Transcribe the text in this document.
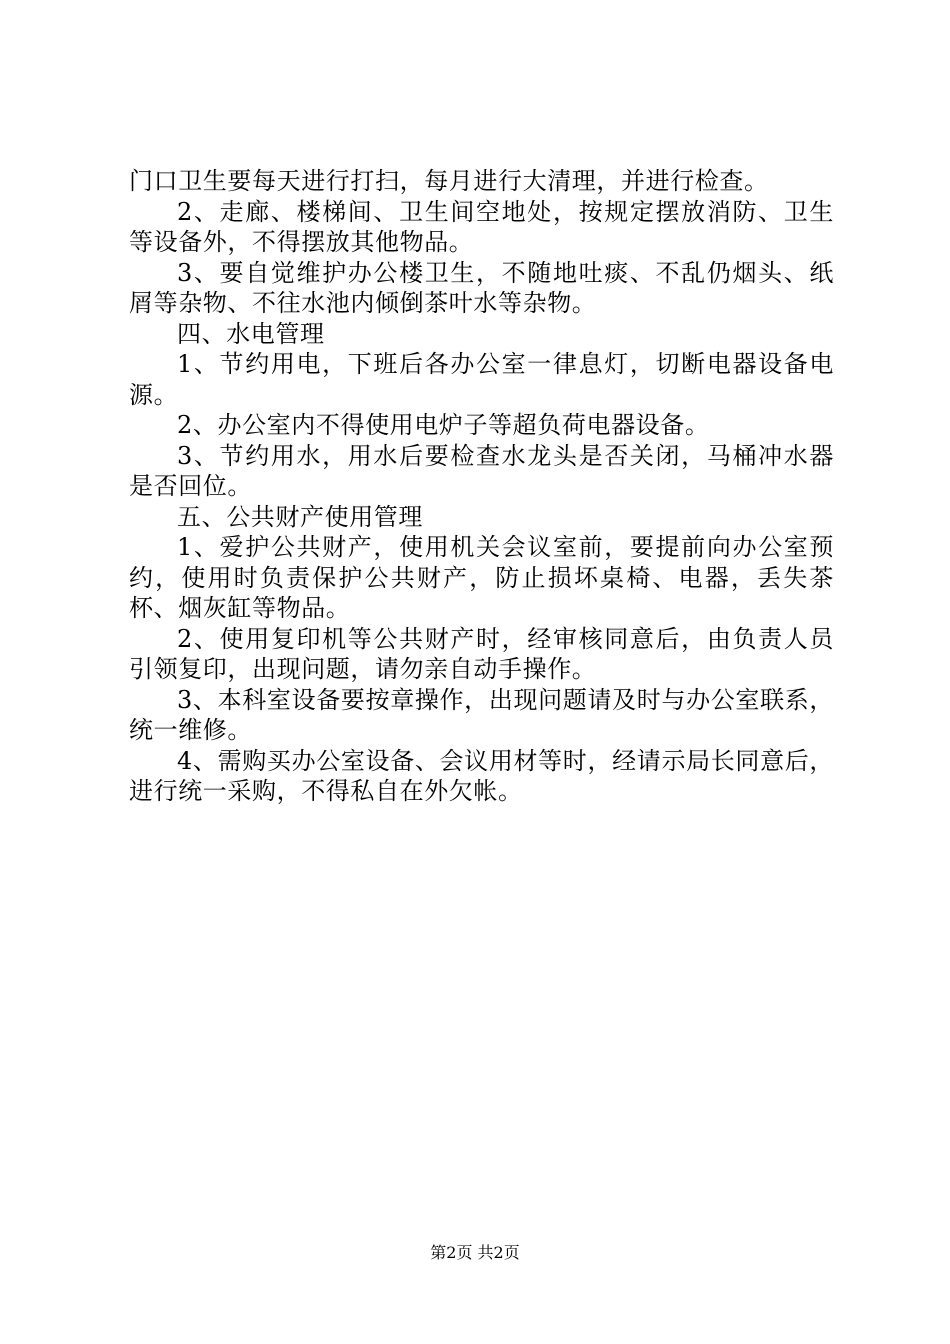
门口卫生要每天进行打扫，每月进行大清理，并进行检查。
2、走廊、楼梯间、卫生间空地处，按规定摆放消防、卫生
等设备外，不得摆放其他物品。
3、要自觉维护办公楼卫生，不随地吐痰、不乱仍烟头、纸
屑等杂物、不往水池内倾倒茶叶水等杂物。
四、水电管理
1、节约用电，下班后各办公室一律息灯，切断电器设备电
源。
2、办公室内不得使用电炉子等超负荷电器设备。
3、节约用水，用水后要检查水龙头是否关闭，马桶冲水器
是否回位。
五、公共财产使用管理
1、爱护公共财产，使用机关会议室前，要提前向办公室预
约，使用时负责保护公共财产，防止损坏桌椅、电器，丢失茶
杯、烟灰缸等物品。
2、使用复印机等公共财产时，经审核同意后，由负责人员
引领复印，出现问题，请勿亲自动手操作。
3、本科室设备要按章操作，出现问题请及时与办公室联系，
统一维修。
4、需购买办公室设备、会议用材等时，经请示局长同意后，
进行统一采购，不得私自在外欠帐。
第2页 共2页
